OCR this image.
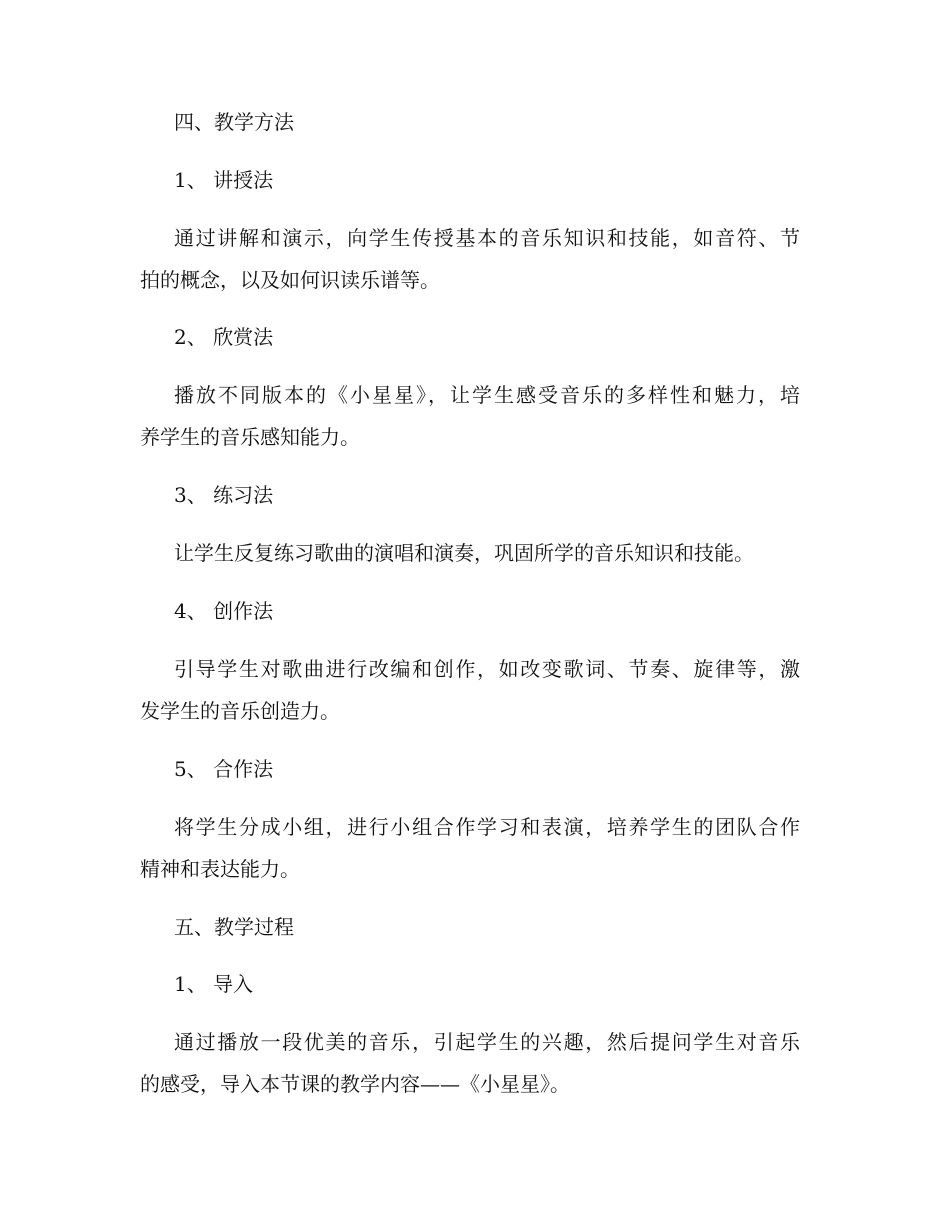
四、教学方法
1、 讲授法
通过讲解和演示，向学生传授基本的音乐知识和技能，如音符、节
拍的概念，以及如何识读乐谱等。
2、 欣赏法
播放不同版本的《小星星》，让学生感受音乐的多样性和魅力，培
养学生的音乐感知能力。
3、 练习法
让学生反复练习歌曲的演唱和演奏，巩固所学的音乐知识和技能。
4、 创作法
引导学生对歌曲进行改编和创作，如改变歌词、节奏、旋律等，激
发学生的音乐创造力。
5、 合作法
将学生分成小组，进行小组合作学习和表演，培养学生的团队合作
精神和表达能力。
五、教学过程
1、 导入
通过播放一段优美的音乐，引起学生的兴趣，然后提问学生对音乐
的感受，导入本节课的教学内容——《小星星》。
